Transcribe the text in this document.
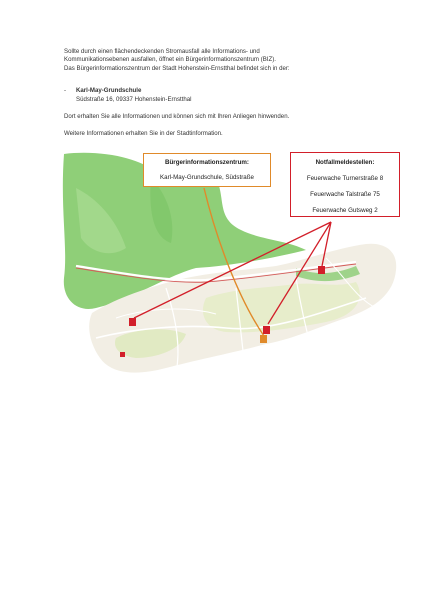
Sollte durch einen flächendeckenden Stromausfall alle Informations- und

Kommunikationsebenen ausfallen, öffnet ein Bürgerinformationszentrum (BIZ).

Das Bürgerinformationszentrum der Stadt Hohenstein-Ernstthal befindet sich in der:

- Karl-May-Grundschule
Südstraße 16, 09337 Hohenstein-Ernstthal
Dort erhalten Sie alle Informationen und können sich mit Ihren Anliegen hinwenden.
Weitere Informationen erhalten Sie in der Stadtinformation.
Bürgerinformationszentrum:
Karl-May-Grundschule, Südstraße
Notfallmeldestellen:
Feuerwache Turnerstraße 8
Feuerwache Talstraße 75
Feuerwache Gutsweg 2
